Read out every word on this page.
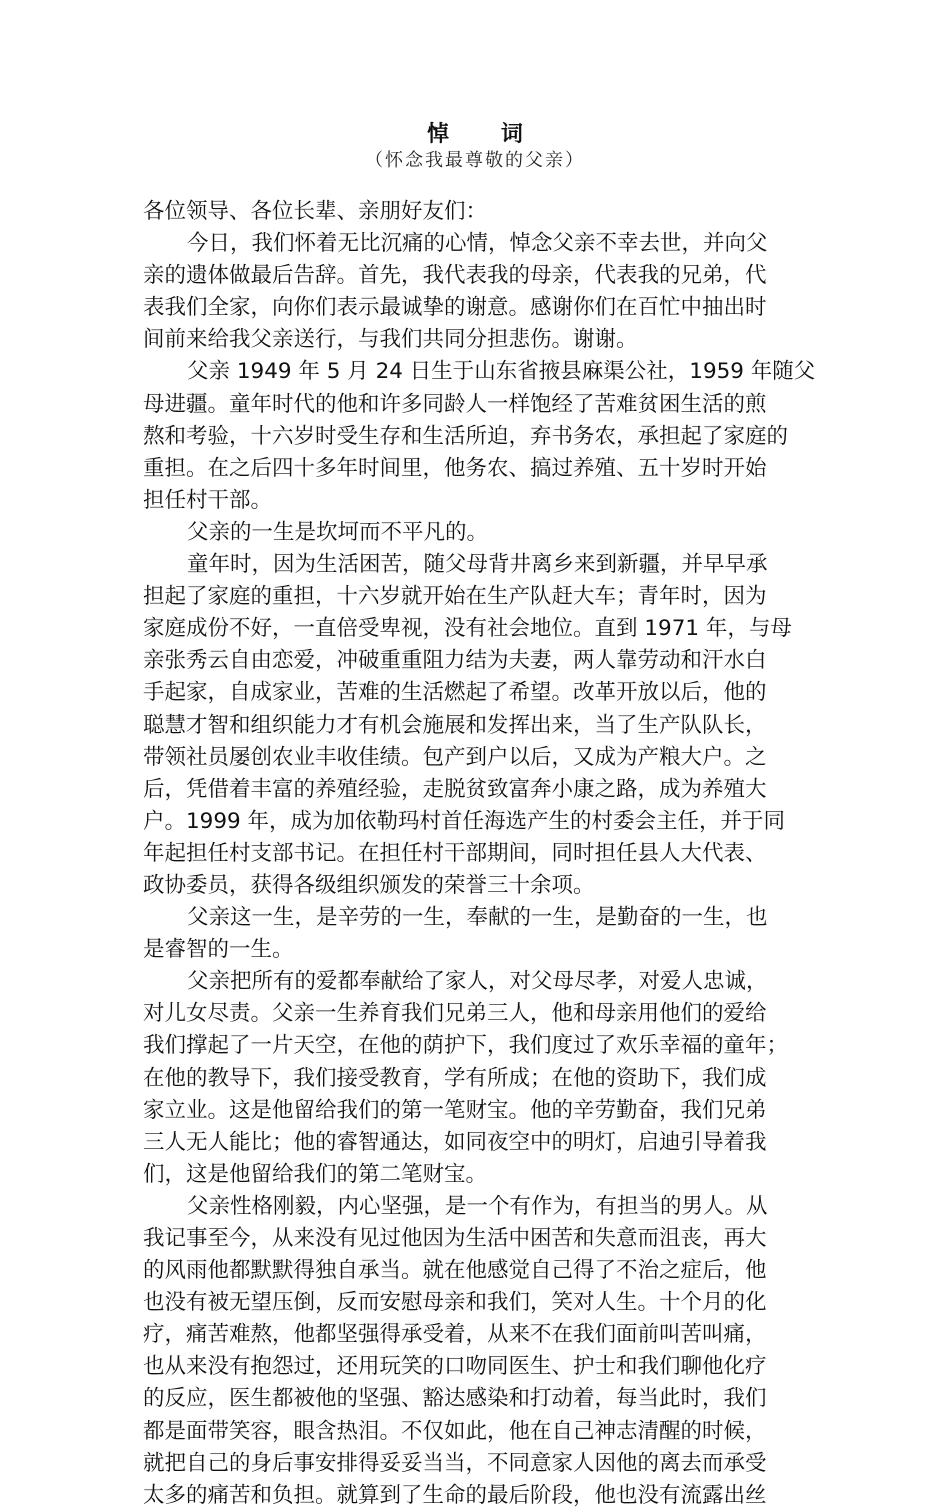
悼 词
（怀念我最尊敬的父亲）
各位领导、各位长辈、亲朋好友们：
今日，我们怀着无比沉痛的心情，悼念父亲不幸去世，并向父
亲的遗体做最后告辞。首先，我代表我的母亲，代表我的兄弟，代
表我们全家，向你们表示最诚挚的谢意。感谢你们在百忙中抽出时
间前来给我父亲送行，与我们共同分担悲伤。谢谢。
父亲 1949 年 5 月 24 日生于山东省掖县麻渠公社，1959 年随父
母进疆。童年时代的他和许多同龄人一样饱经了苦难贫困生活的煎
熬和考验，十六岁时受生存和生活所迫，弃书务农，承担起了家庭的
重担。在之后四十多年时间里，他务农、搞过养殖、五十岁时开始
担任村干部。
父亲的一生是坎坷而不平凡的。
童年时，因为生活困苦，随父母背井离乡来到新疆，并早早承
担起了家庭的重担，十六岁就开始在生产队赶大车；青年时，因为
家庭成份不好，一直倍受卑视，没有社会地位。直到 1971 年，与母
亲张秀云自由恋爱，冲破重重阻力结为夫妻，两人靠劳动和汗水白
手起家，自成家业，苦难的生活燃起了希望。改革开放以后，他的
聪慧才智和组织能力才有机会施展和发挥出来，当了生产队队长，
带领社员屡创农业丰收佳绩。包产到户以后，又成为产粮大户。之
后，凭借着丰富的养殖经验，走脱贫致富奔小康之路，成为养殖大
户。1999 年，成为加依勒玛村首任海选产生的村委会主任，并于同
年起担任村支部书记。在担任村干部期间，同时担任县人大代表、
政协委员，获得各级组织颁发的荣誉三十余项。
父亲这一生，是辛劳的一生，奉献的一生，是勤奋的一生，也
是睿智的一生。
父亲把所有的爱都奉献给了家人，对父母尽孝，对爱人忠诚，
对儿女尽责。父亲一生养育我们兄弟三人，他和母亲用他们的爱给
我们撑起了一片天空，在他的荫护下，我们度过了欢乐幸福的童年；
在他的教导下，我们接受教育，学有所成；在他的资助下，我们成
家立业。这是他留给我们的第一笔财宝。他的辛劳勤奋，我们兄弟
三人无人能比；他的睿智通达，如同夜空中的明灯，启迪引导着我
们，这是他留给我们的第二笔财宝。
父亲性格刚毅，内心坚强，是一个有作为，有担当的男人。从
我记事至今，从来没有见过他因为生活中困苦和失意而沮丧，再大
的风雨他都默默得独自承当。就在他感觉自己得了不治之症后，他
也没有被无望压倒，反而安慰母亲和我们，笑对人生。十个月的化
疗，痛苦难熬，他都坚强得承受着，从来不在我们面前叫苦叫痛，
也从来没有抱怨过，还用玩笑的口吻同医生、护士和我们聊他化疗
的反应，医生都被他的坚强、豁达感染和打动着，每当此时，我们
都是面带笑容，眼含热泪。不仅如此，他在自己神志清醒的时候，
就把自己的身后事安排得妥妥当当，不同意家人因他的离去而承受
太多的痛苦和负担。就算到了生命的最后阶段，他也没有流露出丝
